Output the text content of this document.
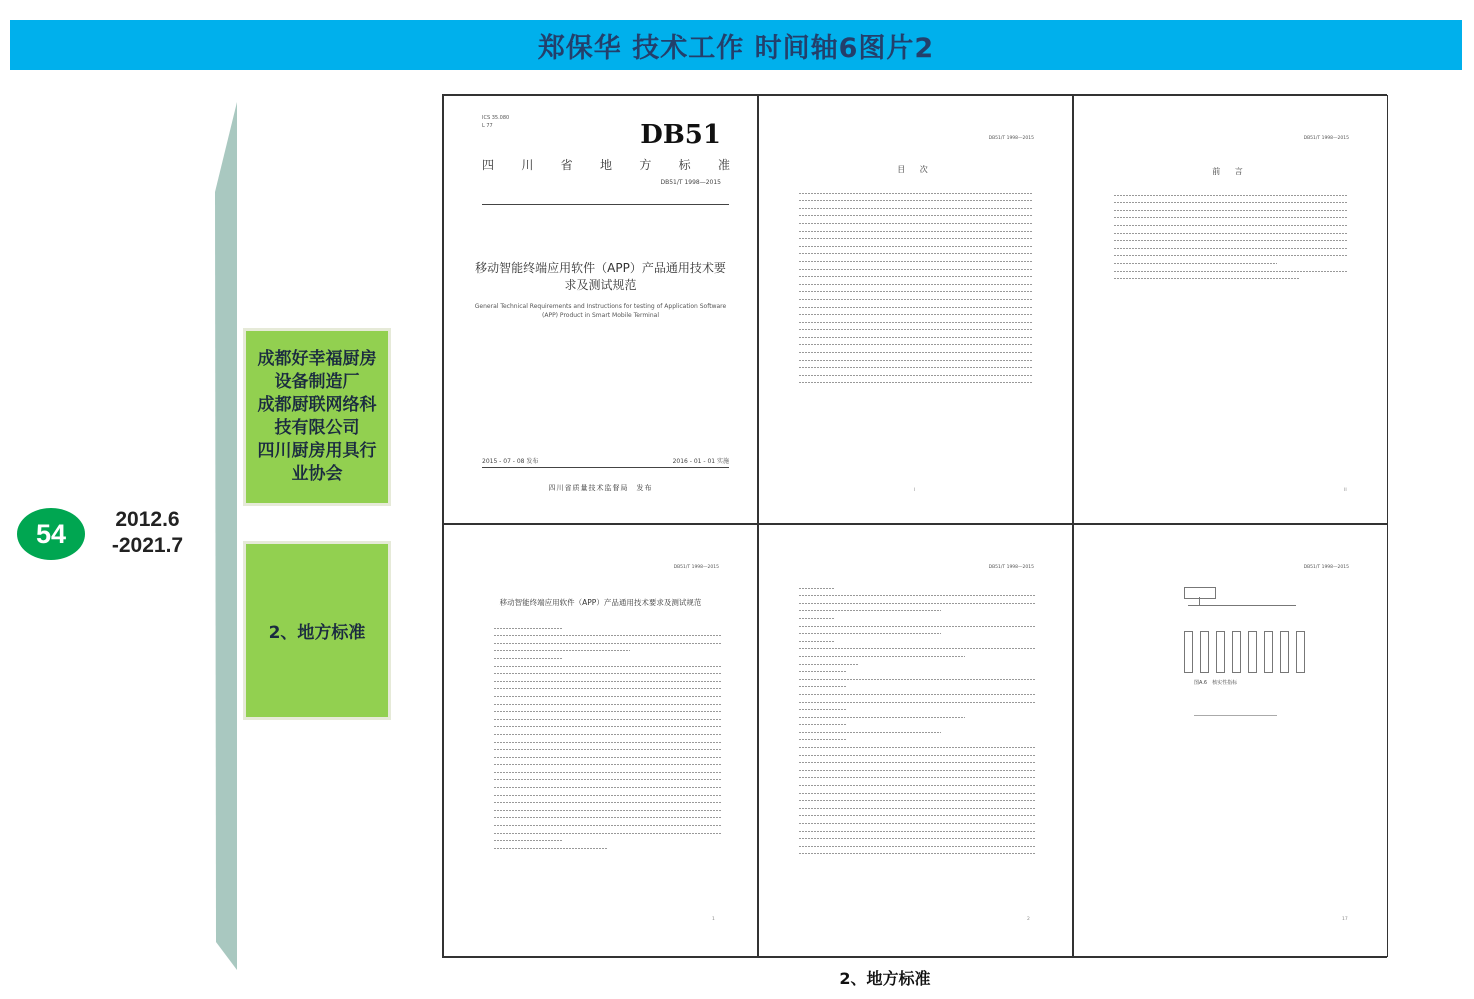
郑保华 技术工作 时间轴6图片2
54	2012.6
-2021.7
成都好幸福厨房设备制造厂
成都厨联网络科技有限公司
四川厨房用具行业协会
2、地方标准
ICS 35.080
L 77	DB51
四 川 省 地 方 标 准
DB51/T 1998—2015
移动智能终端应用软件（APP）产品通用技术要求及测试规范
General Technical Requirements and Instructions for testing of Application Software (APP) Product in Smart Mobile Terminal
2015 - 07 - 08 发布	2016 - 01 - 01 实施
四川省质量技术监督局　发布
DB51/T 1998—2015
目 次
I
DB51/T 1998—2015
前 言
II
DB51/T 1998—2015
移动智能终端应用软件（APP）产品通用技术要求及测试规范
1
DB51/T 1998—2015
2
DB51/T 1998—2015
图A.6　核实性指标
17
2、地方标准
